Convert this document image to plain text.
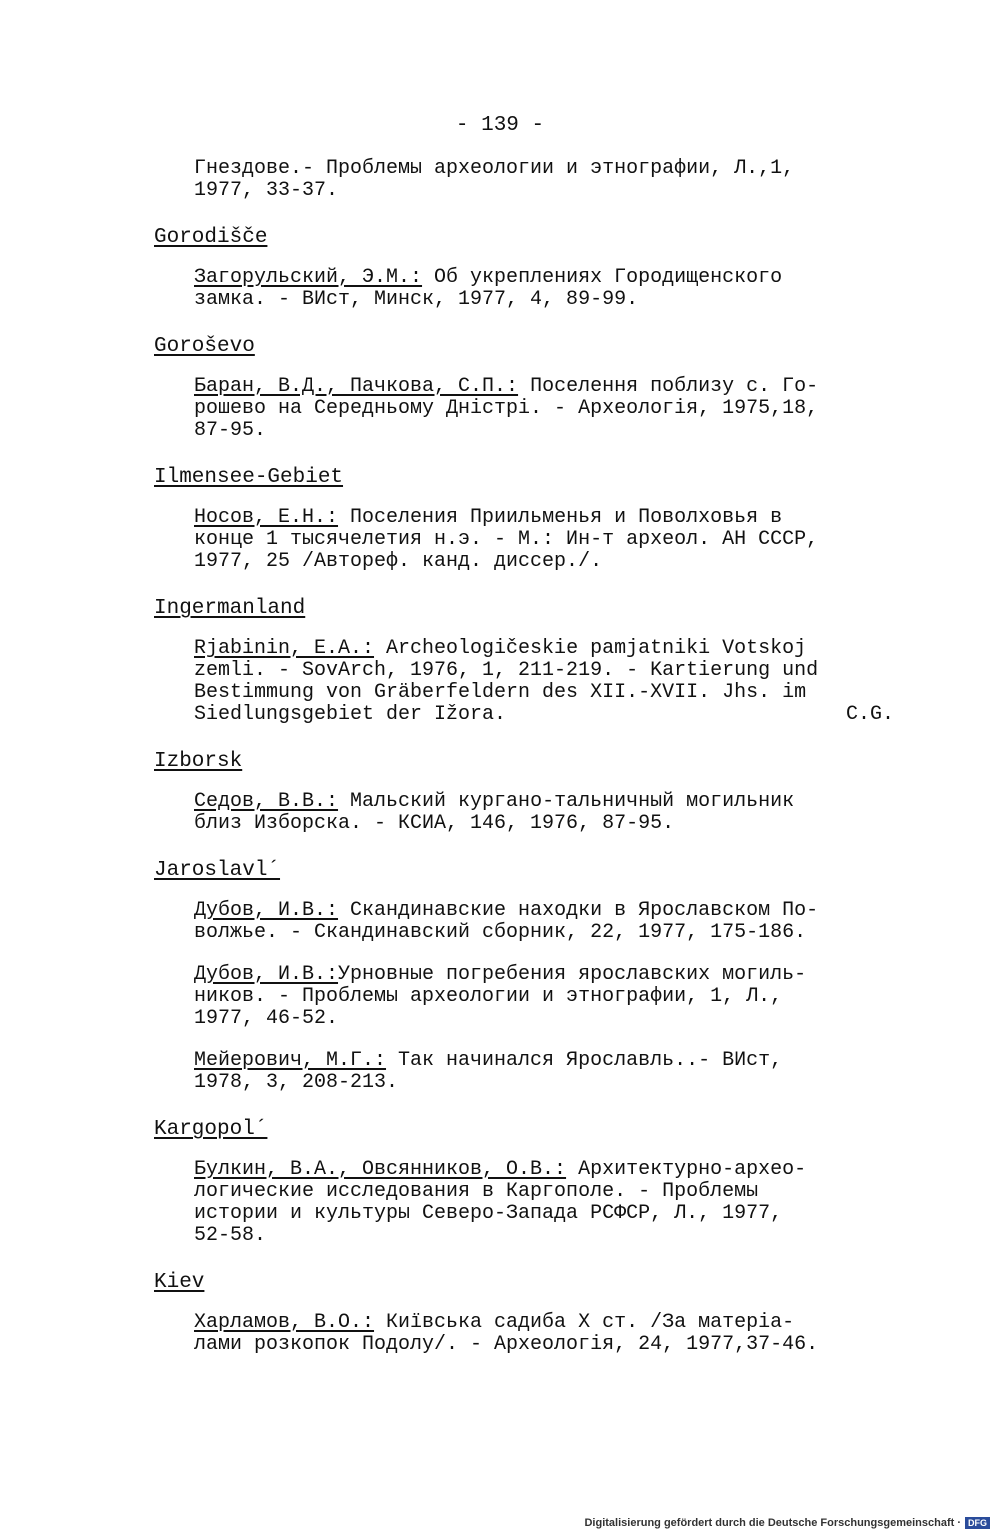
- 139 -
Гнездове.- Проблемы археологии и этнографии, Л.,1,
1977, 33-37.
Gorodišče
Загорульский, Э.М.: Об укреплениях Городищенского
замка. - ВИст, Минск, 1977, 4, 89-99.
Goroševo
Баран, В.Д., Пачкова, С.П.: Поселення поблизу с. Го-
рошево на Середньому Дністрі. - Археологія, 1975,18,
87-95.
Ilmensee-Gebiet
Носов, Е.Н.: Поселения Приильменья и Поволховья в
конце 1 тысячелетия н.э. - М.: Ин-т археол. АН СССР,
1977, 25 /Автореф. канд. диссер./.
Ingermanland
Rjabinin, E.A.: Archeologičeskie pamjatniki Votskoj
zemli. - SovArch, 1976, 1, 211-219. - Kartierung und
Bestimmung von Gräberfeldern des XII.-XVII. Jhs. im
Siedlungsgebiet der Ižora.	C.G.
Izborsk
Седов, В.В.: Мальский кургано-тальничный могильник
близ Изборска. - КСИА, 146, 1976, 87-95.
Jaroslavl´
Дубов, И.В.: Скандинавские находки в Ярославском По-
волжье. - Скандинавский сборник, 22, 1977, 175-186.
Дубов, И.В.:Урновные погребения ярославских могиль-
ников. - Проблемы археологии и этнографии, 1, Л.,
1977, 46-52.
Мейерович, М.Г.: Так начинался Ярославль..- ВИст,
1978, 3, 208-213.
Kargopol´
Булкин, В.А., Овсянников, О.В.: Архитектурно-архео-
логические исследования в Каргополе. - Проблемы
истории и культуры Северо-Запада РСФСР, Л., 1977,
52-58.
Kiev
Харламов, В.О.: Київська садиба X ст. /За матеріа-
лами розкопок Подолу/. - Археологія, 24, 1977,37-46.
Digitalisierung gefördert durch die Deutsche Forschungsgemeinschaft · DFG
